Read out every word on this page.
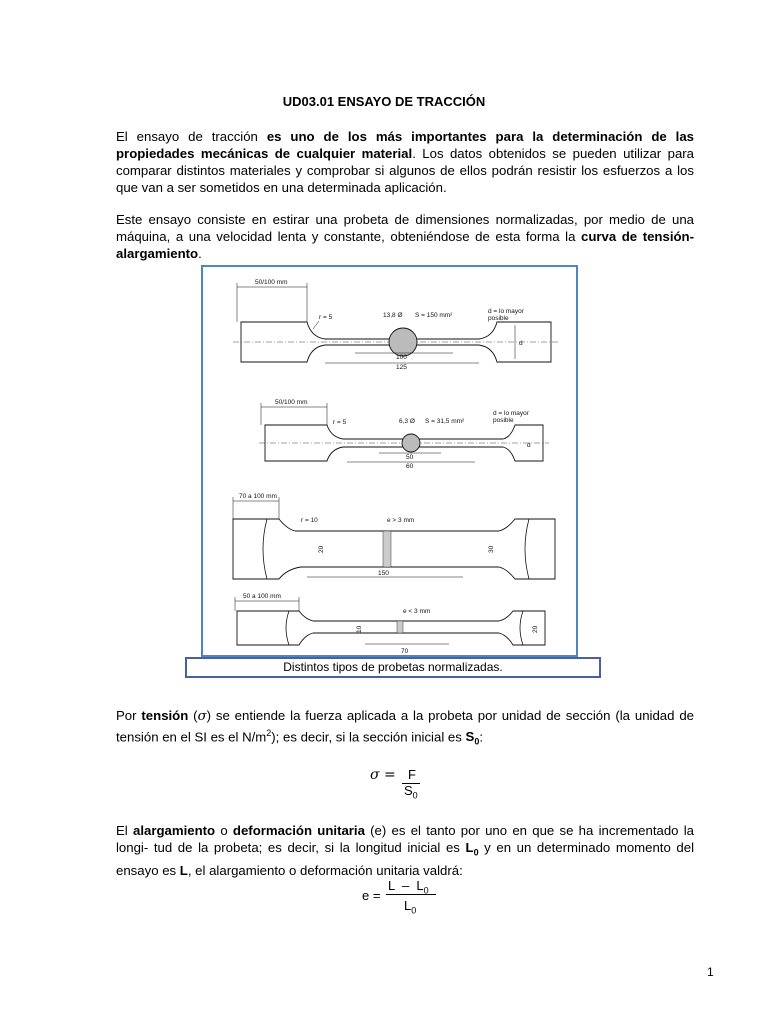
UD03.01 ENSAYO DE TRACCIÓN
El ensayo de tracción es uno de los más importantes para la determinación de las propiedades mecánicas de cualquier material. Los datos obtenidos se pueden utilizar para comparar distintos materiales y comprobar si algunos de ellos podrán resistir los esfuerzos a los que van a ser sometidos en una determinada aplicación.
Este ensayo consiste en estirar una probeta de dimensiones normalizadas, por medio de una máquina, a una velocidad lenta y constante, obteniéndose de esta forma la curva de tensión-alargamiento.
50/100 mm
r = 5	13,8 Ø S = 150 mm²
d = lo mayor
posible
d
100
125
50/100 mm
r = 5	6,3 Ø S = 31,5 mm²
d = lo mayor
posible
d
50
60
70 a 100 mm
r = 10	e > 3 mm
20	30
150
50 a 100 mm
e < 3 mm
10	20
70
Distintos tipos de probetas normalizadas.
Por tensión (σ) se entiende la fuerza aplicada a la probeta por unidad de sección (la unidad de tensión en el SI es el $N/m^2$); es decir, si la sección inicial es $S_0$:
σ = F
$S_0$
El alargamiento o deformación unitaria (e) es el tanto por uno en que se ha incrementado la longi- tud de la probeta; es decir, si la longitud inicial es $L_0$ y en un determinado momento del ensayo es L, el alargamiento o deformación unitaria valdrá:
e =
L  –  $L_0$
$L_0$
1
